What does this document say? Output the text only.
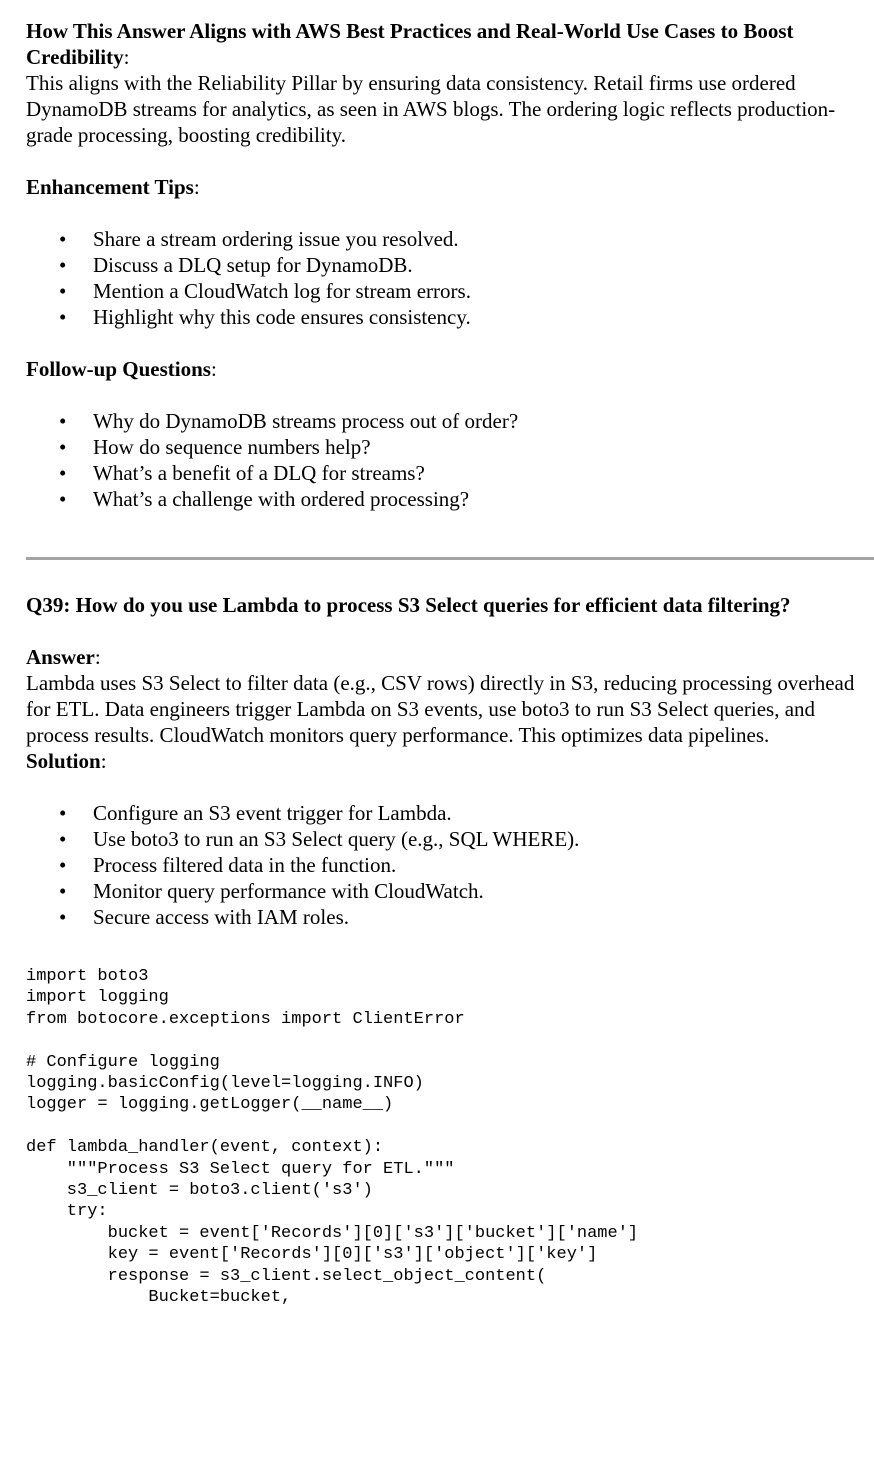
How This Answer Aligns with AWS Best Practices and Real-World Use Cases to Boost Credibility:

This aligns with the Reliability Pillar by ensuring data consistency. Retail firms use ordered DynamoDB streams for analytics, as seen in AWS blogs. The ordering logic reflects production-grade processing, boosting credibility.

Enhancement Tips:

• Share a stream ordering issue you resolved.
• Discuss a DLQ setup for DynamoDB.
• Mention a CloudWatch log for stream errors.
• Highlight why this code ensures consistency.

Follow-up Questions:

• Why do DynamoDB streams process out of order?
• How do sequence numbers help?
• What’s a benefit of a DLQ for streams?
• What’s a challenge with ordered processing?

Q39: How do you use Lambda to process S3 Select queries for efficient data filtering?

Answer:

Lambda uses S3 Select to filter data (e.g., CSV rows) directly in S3, reducing processing overhead for ETL. Data engineers trigger Lambda on S3 events, use boto3 to run S3 Select queries, and process results. CloudWatch monitors query performance. This optimizes data pipelines.

Solution:

• Configure an S3 event trigger for Lambda.
• Use boto3 to run an S3 Select query (e.g., SQL WHERE).
• Process filtered data in the function.
• Monitor query performance with CloudWatch.
• Secure access with IAM roles.
import boto3
import logging
from botocore.exceptions import ClientError

# Configure logging
logging.basicConfig(level=logging.INFO)
logger = logging.getLogger(__name__)

def lambda_handler(event, context):
"""Process S3 Select query for ETL."""
s3_client = boto3.client('s3')
try:
bucket = event['Records'][0]['s3']['bucket']['name']
key = event['Records'][0]['s3']['object']['key']
response = s3_client.select_object_content(
Bucket=bucket,
